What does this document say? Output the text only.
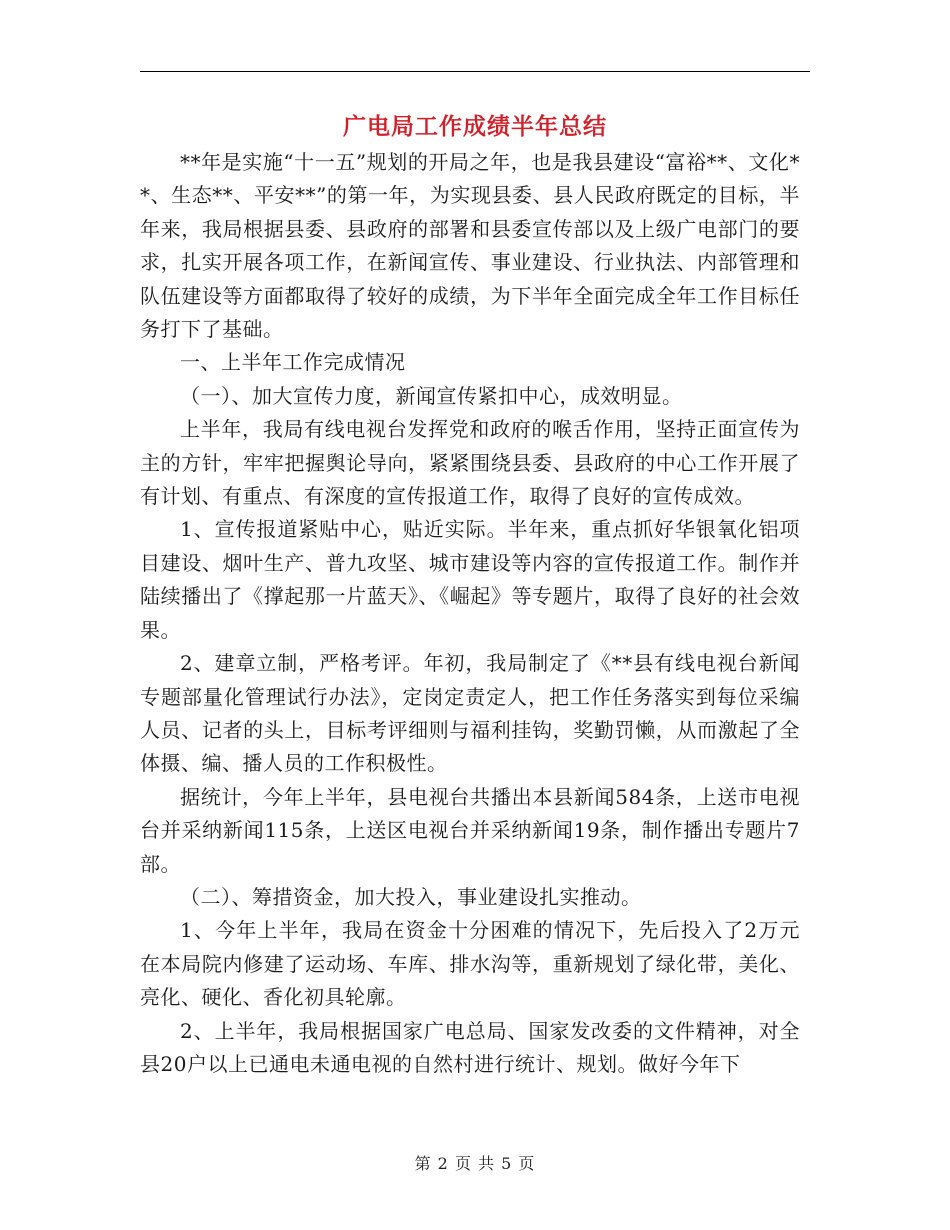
广电局工作成绩半年总结

**年是实施“十一五”规划的开局之年，也是我县建设“富裕**、文化**、生态**、平安**”的第一年，为实现县委、县人民政府既定的目标，半年来，我局根据县委、县政府的部署和县委宣传部以及上级广电部门的要求，扎实开展各项工作，在新闻宣传、事业建设、行业执法、内部管理和队伍建设等方面都取得了较好的成绩，为下半年全面完成全年工作目标任务打下了基础。

一、上半年工作完成情况

（一）、加大宣传力度，新闻宣传紧扣中心，成效明显。

上半年，我局有线电视台发挥党和政府的喉舌作用，坚持正面宣传为主的方针，牢牢把握舆论导向，紧紧围绕县委、县政府的中心工作开展了有计划、有重点、有深度的宣传报道工作，取得了良好的宣传成效。

1、宣传报道紧贴中心，贴近实际。半年来，重点抓好华银氧化铝项目建设、烟叶生产、普九攻坚、城市建设等内容的宣传报道工作。制作并陆续播出了《撑起那一片蓝天》、《崛起》等专题片，取得了良好的社会效果。

2、建章立制，严格考评。年初，我局制定了《**县有线电视台新闻专题部量化管理试行办法》，定岗定责定人，把工作任务落实到每位采编人员、记者的头上，目标考评细则与福利挂钩，奖勤罚懒，从而激起了全体摄、编、播人员的工作积极性。

据统计，今年上半年，县电视台共播出本县新闻584条，上送市电视台并采纳新闻115条，上送区电视台并采纳新闻19条，制作播出专题片7部。

（二）、筹措资金，加大投入，事业建设扎实推动。

1、今年上半年，我局在资金十分困难的情况下，先后投入了2万元在本局院内修建了运动场、车库、排水沟等，重新规划了绿化带，美化、亮化、硬化、香化初具轮廓。

2、上半年，我局根据国家广电总局、国家发改委的文件精神，对全县20户以上已通电未通电视的自然村进行统计、规划。做好今年下

第 2 页 共 5 页
